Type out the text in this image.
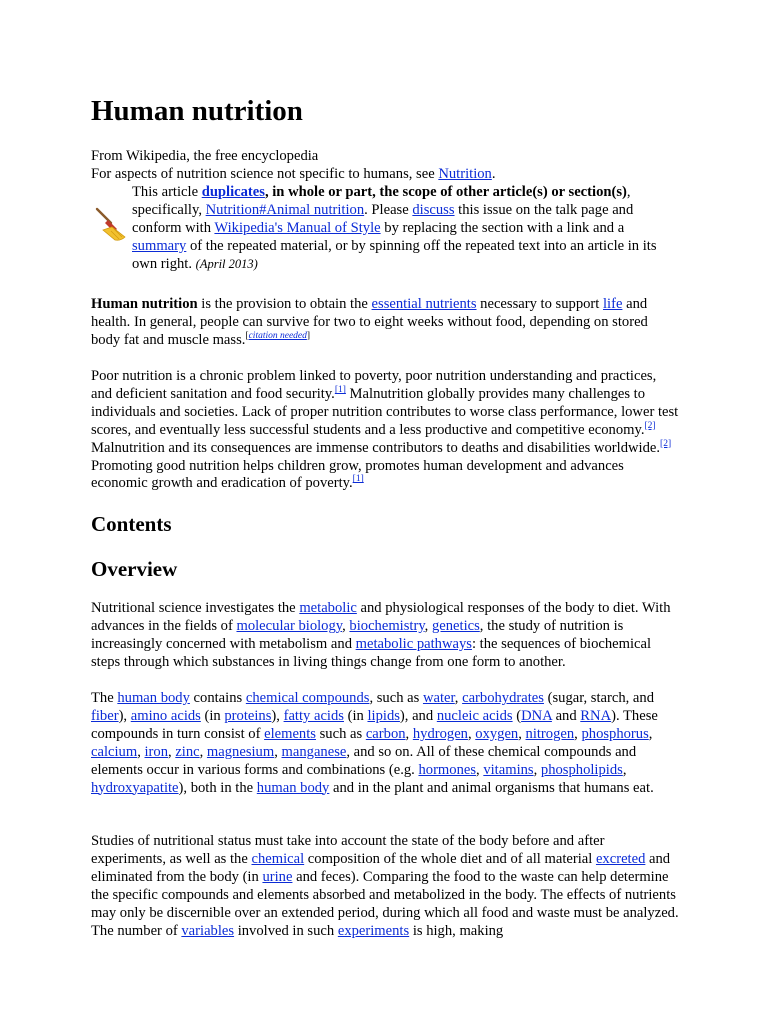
Human nutrition

From Wikipedia, the free encyclopedia

For aspects of nutrition science not specific to humans, see Nutrition.

This article duplicates, in whole or part, the scope of other article(s) or section(s), specifically, Nutrition#Animal nutrition. Please discuss this issue on the talk page and conform with Wikipedia's Manual of Style by replacing the section with a link and a summary of the repeated material, or by spinning off the repeated text into an article in its own right. (April 2013)

Human nutrition is the provision to obtain the essential nutrients necessary to support life and health. In general, people can survive for two to eight weeks without food, depending on stored body fat and muscle mass.[citation needed]

Poor nutrition is a chronic problem linked to poverty, poor nutrition understanding and practices, and deficient sanitation and food security.[1] Malnutrition globally provides many challenges to individuals and societies. Lack of proper nutrition contributes to worse class performance, lower test scores, and eventually less successful students and a less productive and competitive economy.[2] Malnutrition and its consequences are immense contributors to deaths and disabilities worldwide.[2] Promoting good nutrition helps children grow, promotes human development and advances economic growth and eradication of poverty.[1]

Contents
Overview

Nutritional science investigates the metabolic and physiological responses of the body to diet. With advances in the fields of molecular biology, biochemistry, genetics, the study of nutrition is increasingly concerned with metabolism and metabolic pathways: the sequences of biochemical steps through which substances in living things change from one form to another.

The human body contains chemical compounds, such as water, carbohydrates (sugar, starch, and fiber), amino acids (in proteins), fatty acids (in lipids), and nucleic acids (DNA and RNA). These compounds in turn consist of elements such as carbon, hydrogen, oxygen, nitrogen, phosphorus, calcium, iron, zinc, magnesium, manganese, and so on. All of these chemical compounds and elements occur in various forms and combinations (e.g. hormones, vitamins, phospholipids, hydroxyapatite), both in the human body and in the plant and animal organisms that humans eat.

Studies of nutritional status must take into account the state of the body before and after experiments, as well as the chemical composition of the whole diet and of all material excreted and eliminated from the body (in urine and feces). Comparing the food to the waste can help determine the specific compounds and elements absorbed and metabolized in the body. The effects of nutrients may only be discernible over an extended period, during which all food and waste must be analyzed. The number of variables involved in such experiments is high, making
